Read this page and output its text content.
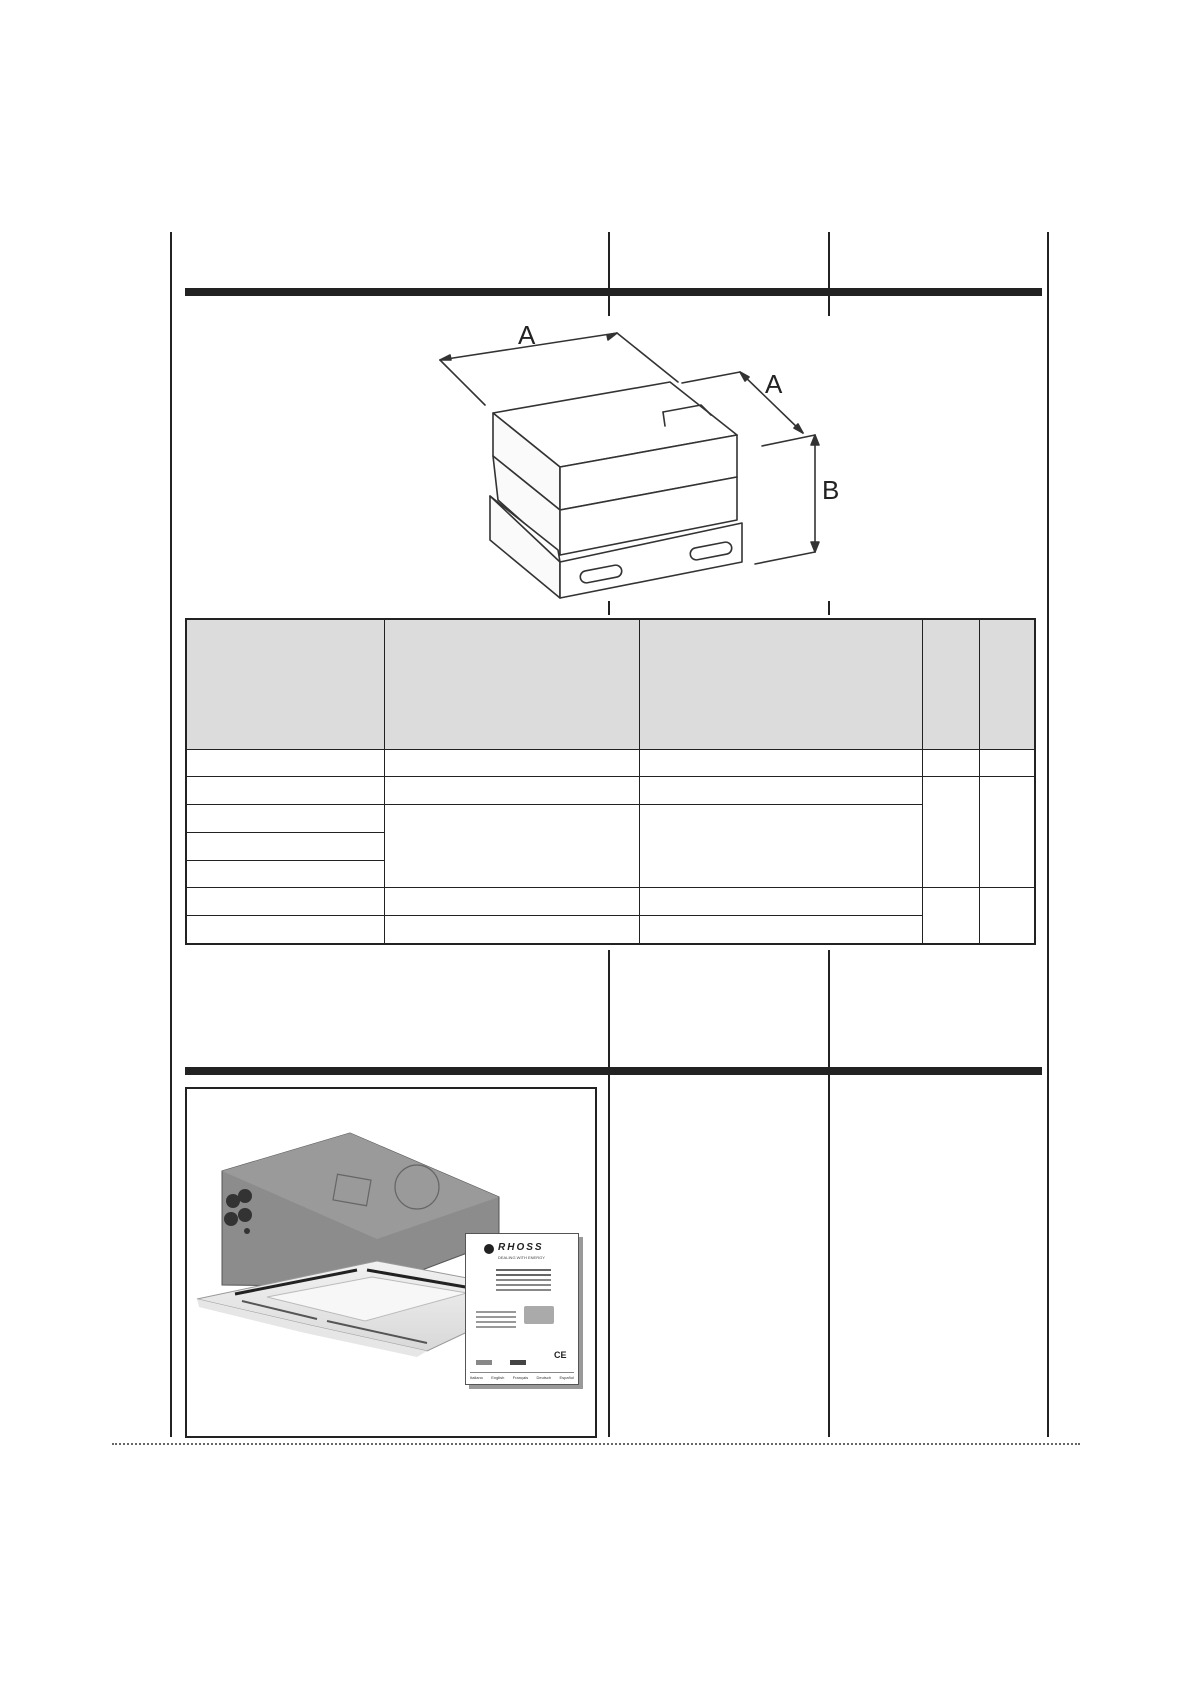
A
A
B

RHOSS
DEALING WITH ENERGY
CE

Italiano English Français Deutsch Español
